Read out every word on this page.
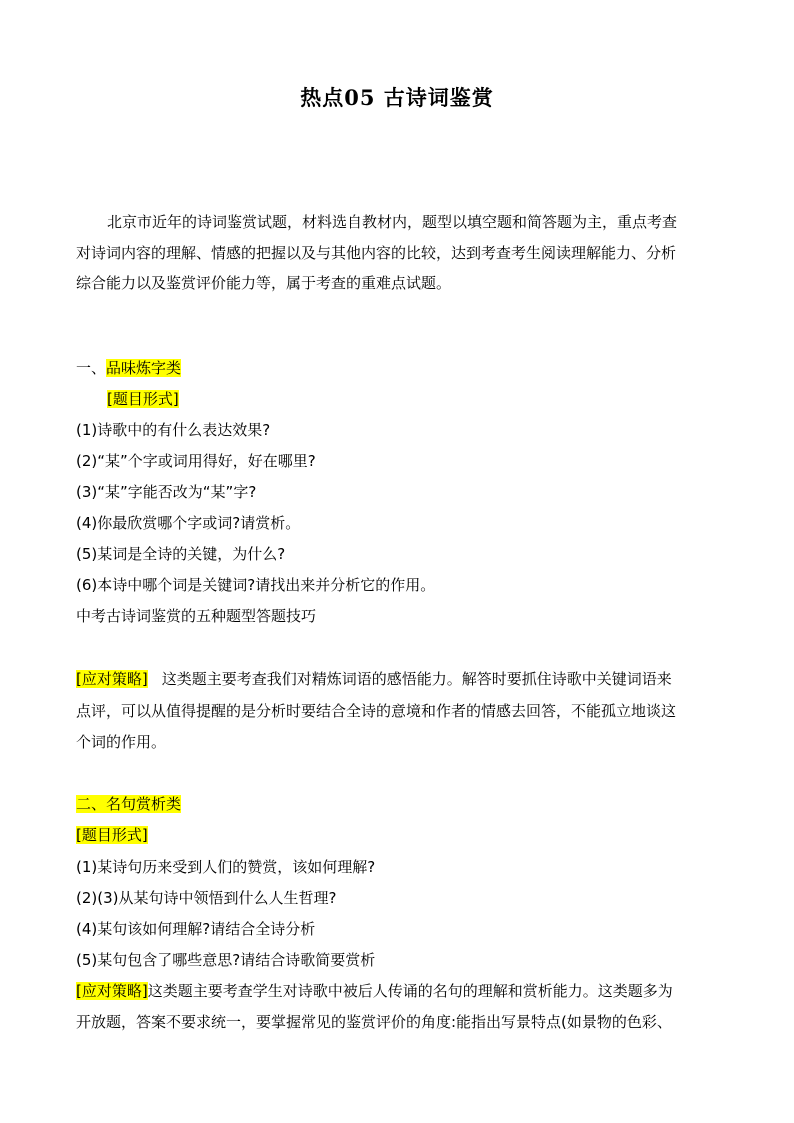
热点05 古诗词鉴赏
北京市近年的诗词鉴赏试题，材料选自教材内，题型以填空题和简答题为主，重点考查
对诗词内容的理解、情感的把握以及与其他内容的比较，达到考查考生阅读理解能力、分析
综合能力以及鉴赏评价能力等，属于考查的重难点试题。
一、品味炼字类
[题目形式]
(1)诗歌中的有什么表达效果?
(2)“某”个字或词用得好，好在哪里?
(3)“某”字能否改为“某”字?
(4)你最欣赏哪个字或词?请赏析。
(5)某词是全诗的关键，为什么?
(6)本诗中哪个词是关键词?请找出来并分析它的作用。
中考古诗词鉴赏的五种题型答题技巧
[应对策略] 这类题主要考查我们对精炼词语的感悟能力。解答时要抓住诗歌中关键词语来
点评，可以从值得提醒的是分析时要结合全诗的意境和作者的情感去回答，不能孤立地谈这
个词的作用。
二、名句赏析类
[题目形式]
(1)某诗句历来受到人们的赞赏，该如何理解?
(2)(3)从某句诗中领悟到什么人生哲理?
(4)某句该如何理解?请结合全诗分析
(5)某句包含了哪些意思?请结合诗歌简要赏析
[应对策略]这类题主要考查学生对诗歌中被后人传诵的名句的理解和赏析能力。这类题多为
开放题，答案不要求统一，要掌握常见的鉴赏评价的角度:能指出写景特点(如景物的色彩、
